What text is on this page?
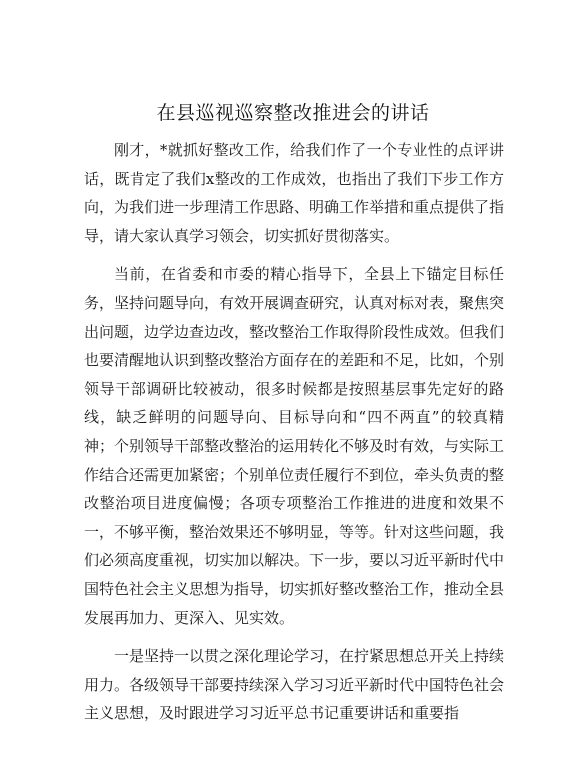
在县巡视巡察整改推进会的讲话

刚才，*就抓好整改工作，给我们作了一个专业性的点评讲话，既肯定了我们x整改的工作成效，也指出了我们下步工作方向，为我们进一步理清工作思路、明确工作举措和重点提供了指导，请大家认真学习领会，切实抓好贯彻落实。

当前，在省委和市委的精心指导下，全县上下锚定目标任务，坚持问题导向，有效开展调查研究，认真对标对表，聚焦突出问题，边学边查边改，整改整治工作取得阶段性成效。但我们也要清醒地认识到整改整治方面存在的差距和不足，比如，个别领导干部调研比较被动，很多时候都是按照基层事先定好的路线，缺乏鲜明的问题导向、目标导向和“四不两直”的较真精神；个别领导干部整改整治的运用转化不够及时有效，与实际工作结合还需更加紧密；个别单位责任履行不到位，牵头负责的整改整治项目进度偏慢；各项专项整治工作推进的进度和效果不一，不够平衡，整治效果还不够明显，等等。针对这些问题，我们必须高度重视，切实加以解决。下一步，要以习近平新时代中国特色社会主义思想为指导，切实抓好整改整治工作，推动全县发展再加力、更深入、见实效。

一是坚持一以贯之深化理论学习，在拧紧思想总开关上持续用力。各级领导干部要持续深入学习习近平新时代中国特色社会主义思想，及时跟进学习习近平总书记重要讲话和重要指
